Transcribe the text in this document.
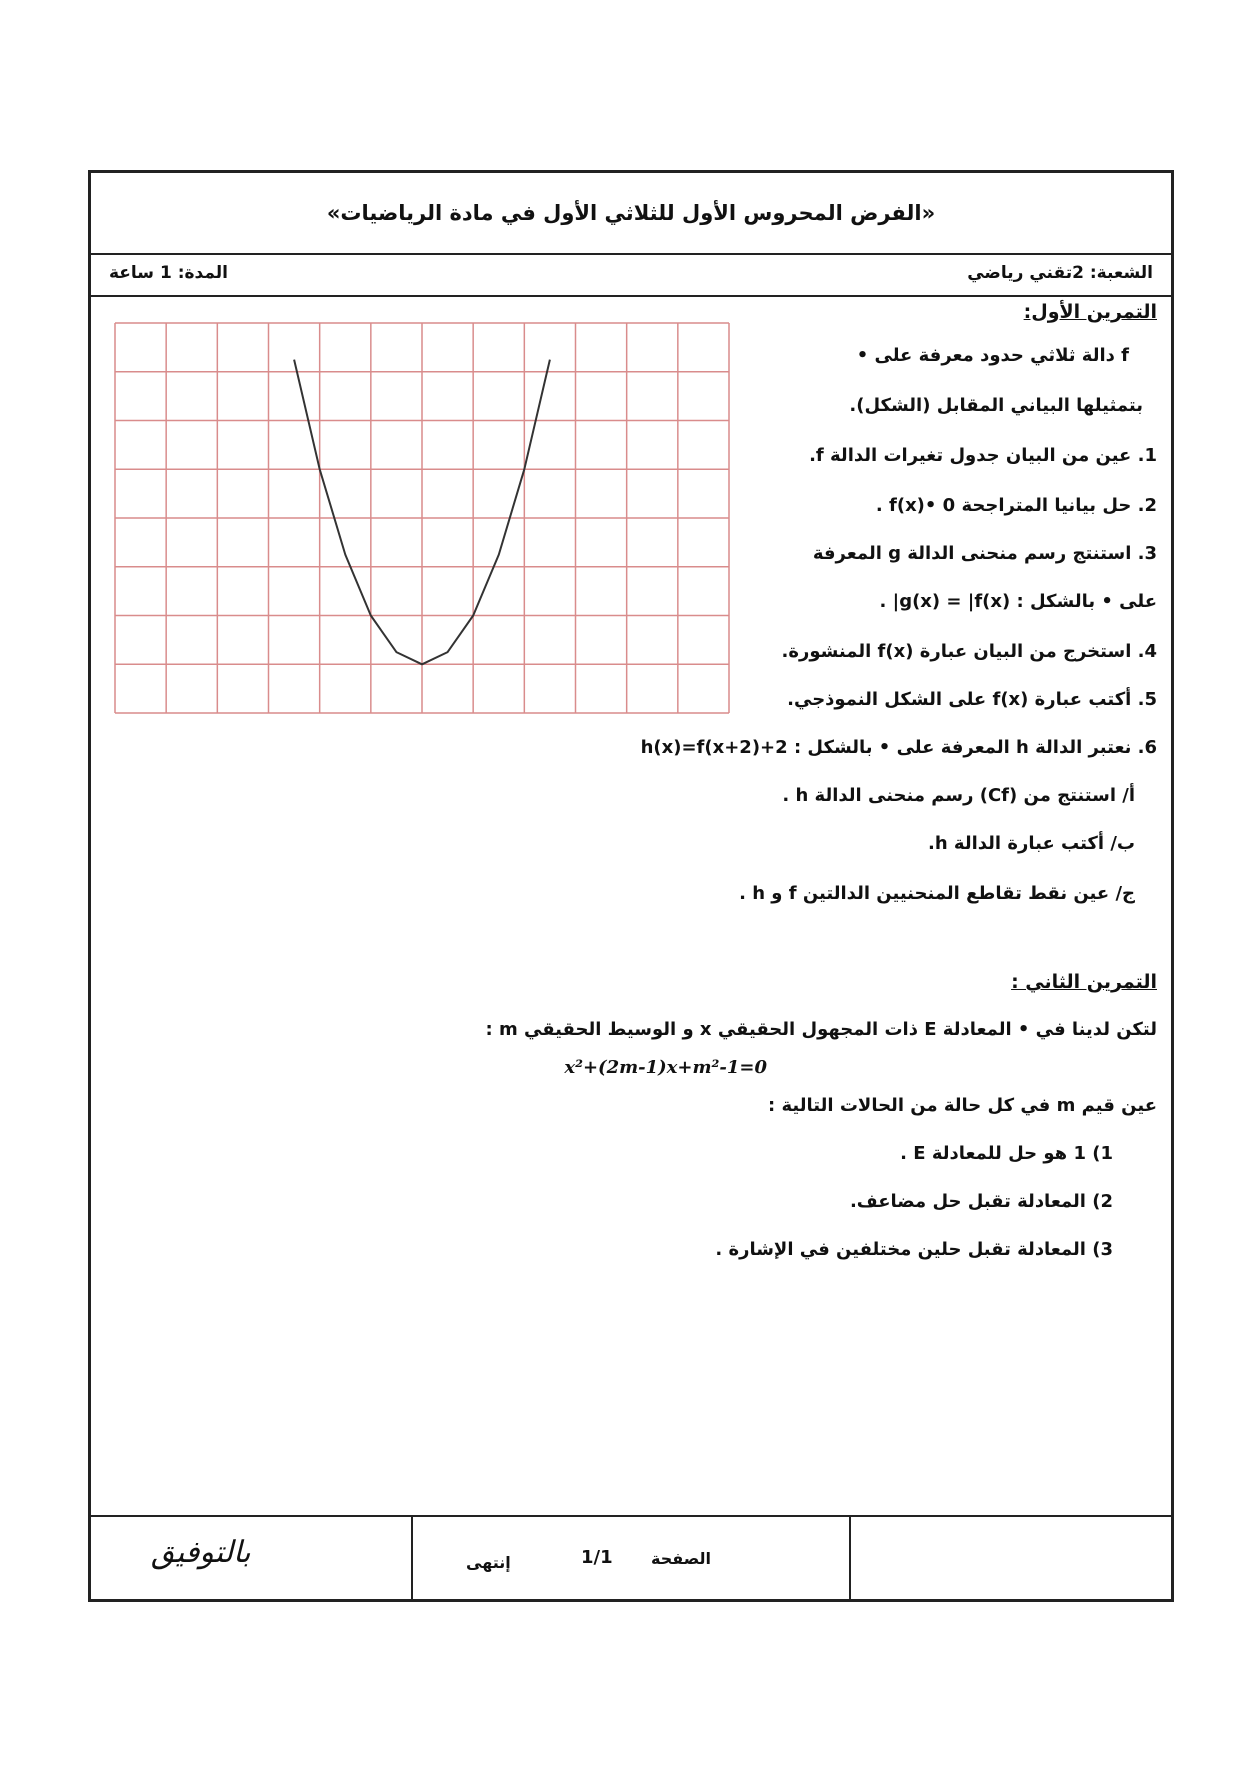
«الفرض المحروس الأول للثلاثي الأول في مادة الرياضيات»
الشعبة: 2تقني رياضي
المدة: 1 ساعة
التمرين الأول:
f دالة ثلاثي حدود معرفة على •
بتمثيلها البياني المقابل (الشكل).
1. عين من البيان جدول تغيرات الدالة f.
2. حل بيانيا المتراجحة f(x)• 0 .
3. استنتج رسم منحنى الدالة g المعرفة
على • بالشكل : g(x) = |f(x)| .
4. استخرج من البيان عبارة f(x) المنشورة.
5. أكتب عبارة f(x) على الشكل النموذجي.
6. نعتبر الدالة h المعرفة على • بالشكل : h(x)=f(x+2)+2
أ/ استنتج من (Cf) رسم منحنى الدالة h .
ب/ أكتب عبارة الدالة h.
ج/ عين نقط تقاطع المنحنيين الدالتين f و h .
التمرين الثاني :
لتكن لدينا في • المعادلة E ذات المجهول الحقيقي x و الوسيط الحقيقي m :
x²+(2m-1)x+m²-1=0
عين قيم m في كل حالة من الحالات التالية :
1) 1 هو حل للمعادلة E .
2) المعادلة تقبل حل مضاعف.
3) المعادلة تقبل حلين مختلفين في الإشارة .
بالتوفيق	إنتهى	1/1 الصفحة
